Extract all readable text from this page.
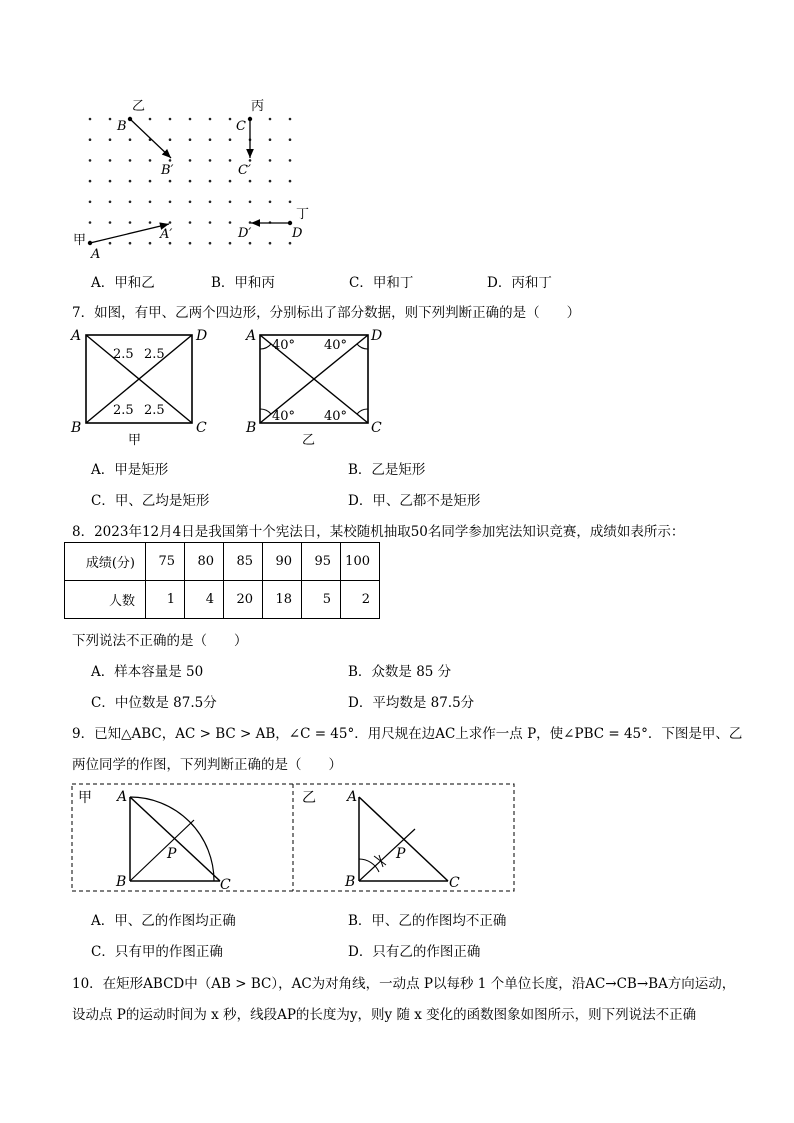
乙
B
B′
丙
C
C′
丁
D
D′
甲
A
A′
A．甲和乙	B．甲和丙	C．甲和丁	D．丙和丁
7．如图，有甲、乙两个四边形，分别标出了部分数据，则下列判断正确的是（　　）
A	D
B	C
2.5 2.5
2.5 2.5
甲
A	D
B	C
40° 40°
40° 40°
乙
A．甲是矩形	B．乙是矩形
C．甲、乙均是矩形	D．甲、乙都不是矩形
8．2023年12月4日是我国第十个宪法日，某校随机抽取50名同学参加宪法知识竞赛，成绩如表所示：
成绩(分)	75	80	85	90	95	100
人数	1	4	20	18	5	2
下列说法不正确的是（　　）
A．样本容量是 50	B．众数是 85 分
C．中位数是 87.5分	D．平均数是 87.5分
9．已知△ABC，AC > BC > AB，∠C = 45°．用尺规在边AC上求作一点 P，使∠PBC = 45°．下图是甲、乙
两位同学的作图，下列判断正确的是（　　）
甲 A
B	C
P
乙 A
B	C
P
A．甲、乙的作图均正确	B．甲、乙的作图均不正确
C．只有甲的作图正确	D．只有乙的作图正确
10．在矩形ABCD中（AB > BC），AC为对角线，一动点 P以每秒 1 个单位长度，沿AC→CB→BA方向运动，
设动点 P的运动时间为 x 秒，线段AP的长度为y，则y 随 x 变化的函数图象如图所示，则下列说法不正确
